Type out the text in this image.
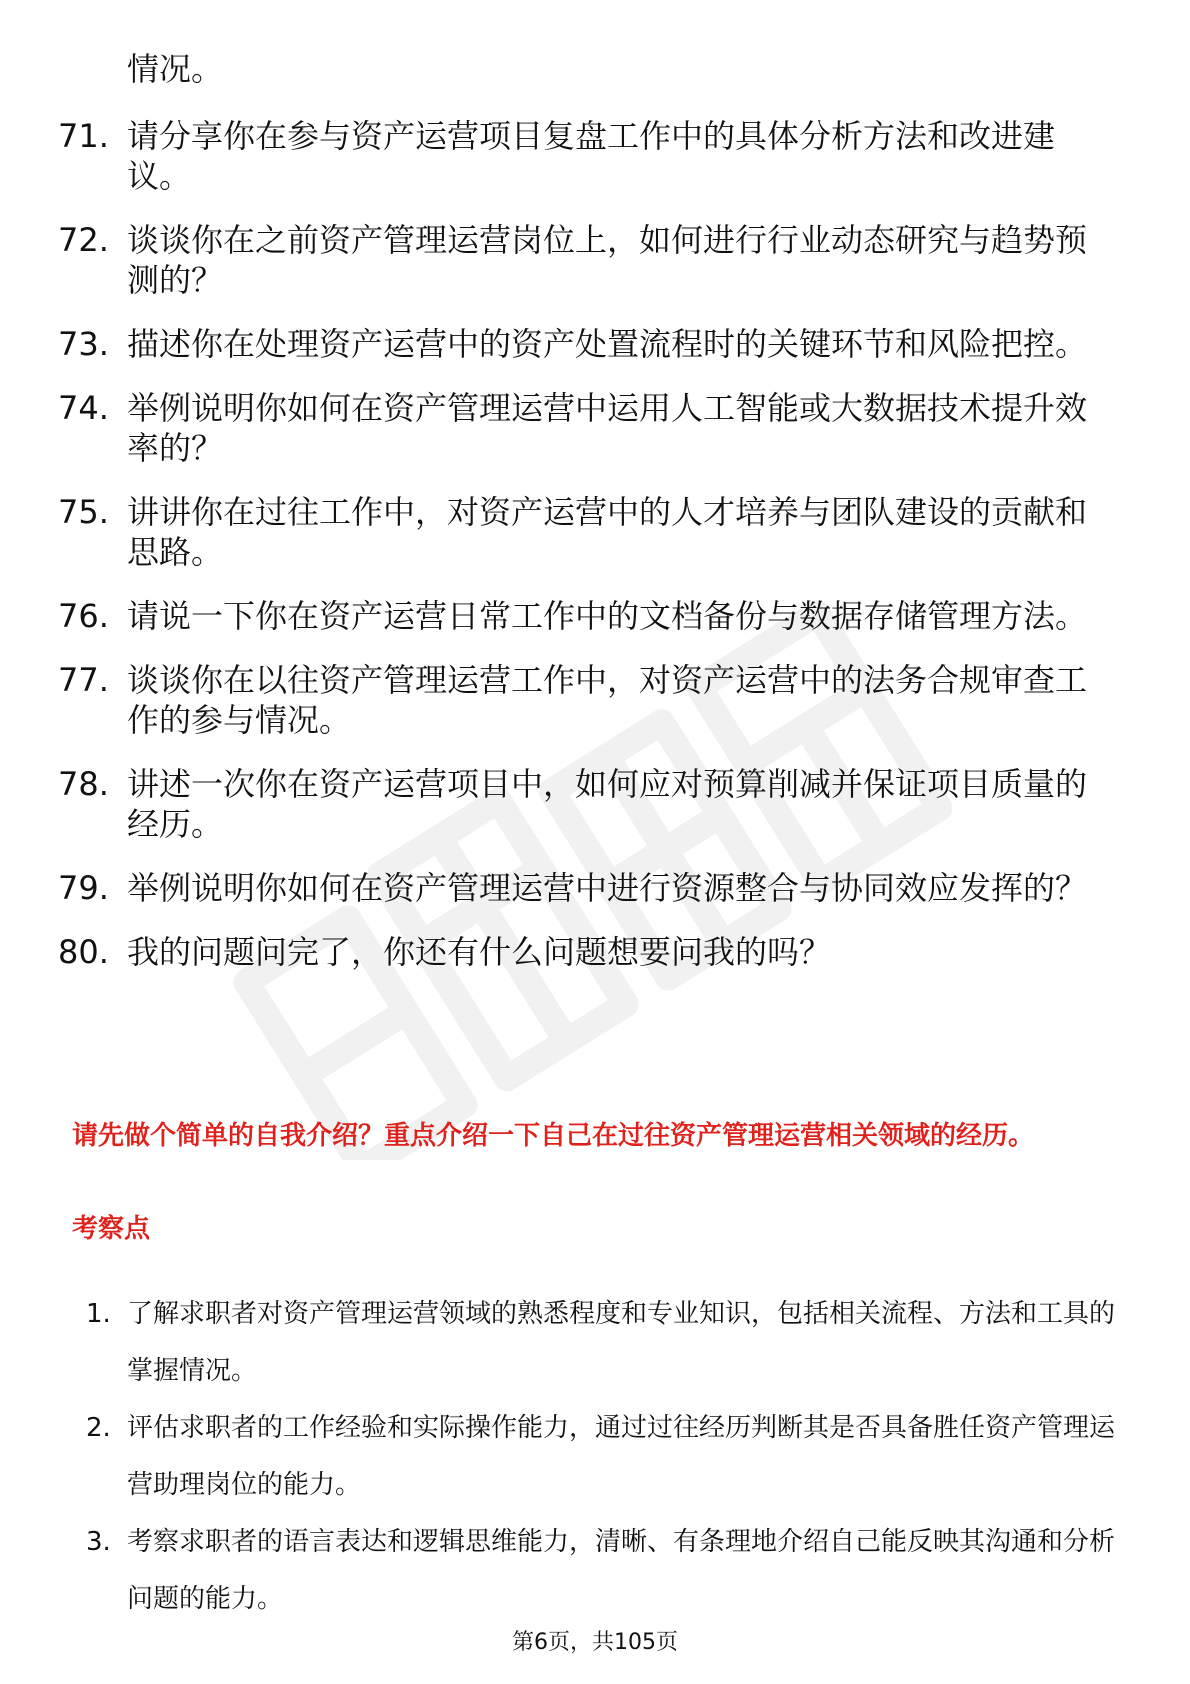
情况。

71. 请分享你在参与资产运营项目复盘工作中的具体分析方法和改进建议。
72. 谈谈你在之前资产管理运营岗位上，如何进行行业动态研究与趋势预测的？
73. 描述你在处理资产运营中的资产处置流程时的关键环节和风险把控。
74. 举例说明你如何在资产管理运营中运用人工智能或大数据技术提升效率的？
75. 讲讲你在过往工作中，对资产运营中的人才培养与团队建设的贡献和思路。
76. 请说一下你在资产运营日常工作中的文档备份与数据存储管理方法。
77. 谈谈你在以往资产管理运营工作中，对资产运营中的法务合规审查工作的参与情况。
78. 讲述一次你在资产运营项目中，如何应对预算削减并保证项目质量的经历。
79. 举例说明你如何在资产管理运营中进行资源整合与协同效应发挥的？
80. 我的问题问完了，你还有什么问题想要问我的吗？
请先做个简单的自我介绍？重点介绍一下自己在过往资产管理运营相关领域的经历。
考察点
1. 了解求职者对资产管理运营领域的熟悉程度和专业知识，包括相关流程、方法和工具的掌握情况。
2. 评估求职者的工作经验和实际操作能力，通过过往经历判断其是否具备胜任资产管理运营助理岗位的能力。
3. 考察求职者的语言表达和逻辑思维能力，清晰、有条理地介绍自己能反映其沟通和分析问题的能力。
第6页，共105页
